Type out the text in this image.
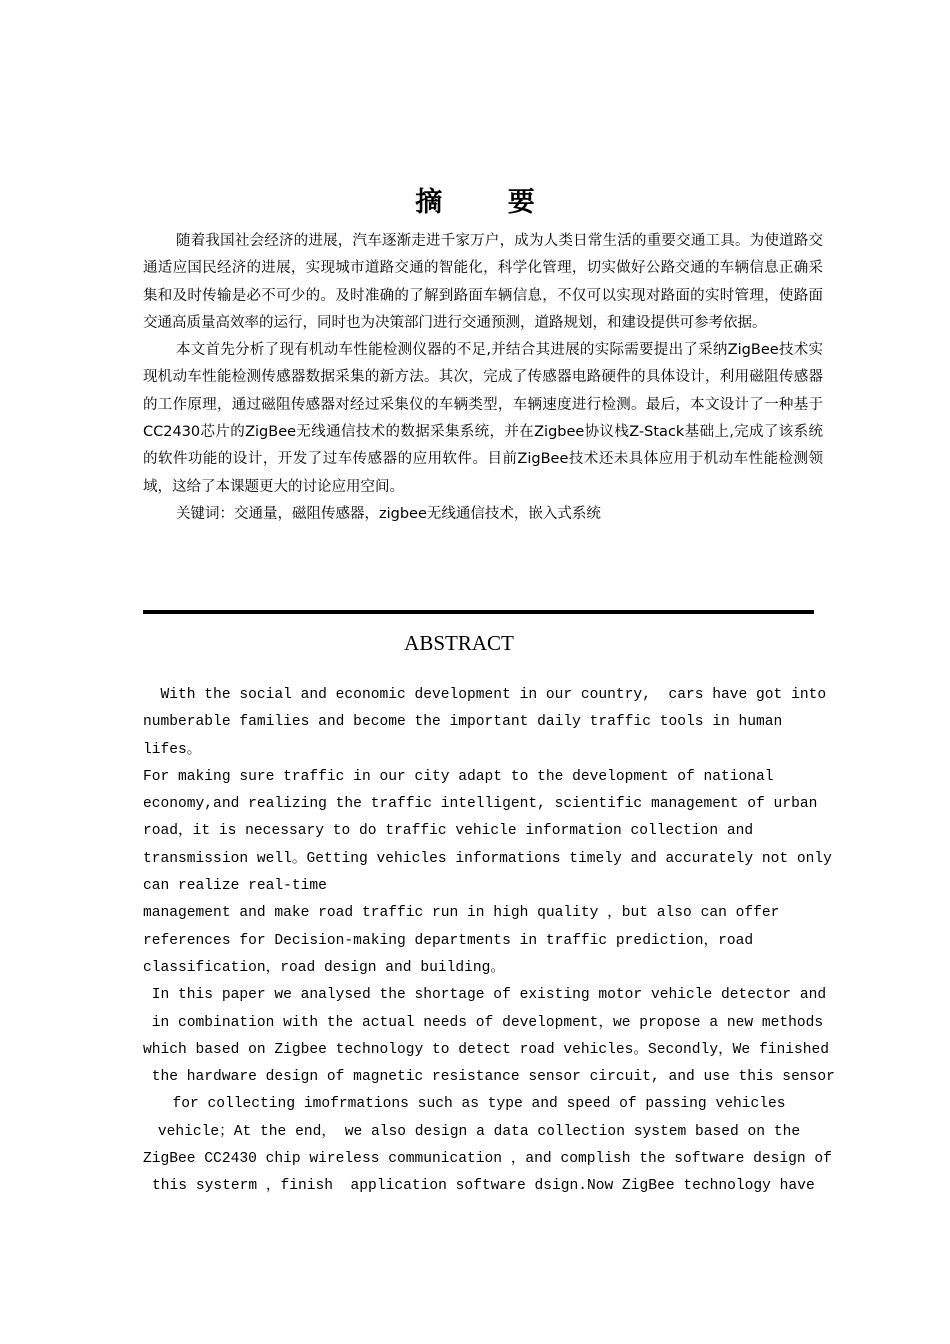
摘 要

随着我国社会经济的进展，汽车逐渐走进千家万户，成为人类日常生活的重要交通工具。为使道路交通适应国民经济的进展，实现城市道路交通的智能化，科学化管理，切实做好公路交通的车辆信息正确采集和及时传输是必不可少的。及时准确的了解到路面车辆信息，不仅可以实现对路面的实时管理，使路面交通高质量高效率的运行，同时也为决策部门进行交通预测，道路规划，和建设提供可参考依据。

本文首先分析了现有机动车性能检测仪器的不足,并结合其进展的实际需要提出了采纳ZigBee技术实现机动车性能检测传感器数据采集的新方法。其次，完成了传感器电路硬件的具体设计，利用磁阻传感器的工作原理，通过磁阻传感器对经过采集仪的车辆类型，车辆速度进行检测。最后，本文设计了一种基于CC2430芯片的ZigBee无线通信技术的数据采集系统，并在Zigbee协议栈Z-Stack基础上,完成了该系统的软件功能的设计，开发了过车传感器的应用软件。目前ZigBee技术还未具体应用于机动车性能检测领域，这给了本课题更大的讨论应用空间。

关键词：交通量，磁阻传感器，zigbee无线通信技术，嵌入式系统

ABSTRACT
With the social and economic development in our country,  cars have got into
numberable families and become the important daily traffic tools in human
lifes。
For making sure traffic in our city adapt to the development of national
economy,and realizing the traffic intelligent, scientific management of urban
road，it is necessary to do traffic vehicle information collection and
transmission well。Getting vehicles informations timely and accurately not only
can realize real-time
management and make road traffic run in high quality ，but also can offer
references for Decision-making departments in traffic prediction，road
classification，road design and building。
In this paper we analysed the shortage of existing motor vehicle detector and
in combination with the actual needs of development，we propose a new methods
which based on Zigbee technology to detect road vehicles。Secondly，We finished
the hardware design of magnetic resistance sensor circuit, and use this sensor
for collecting imofrmations such as type and speed of passing vehicles
vehicle；At the end， we also design a data collection system based on the
ZigBee CC2430 chip wireless communication ，and complish the software design of
this systerm ，finish  application software dsign.Now ZigBee technology have
